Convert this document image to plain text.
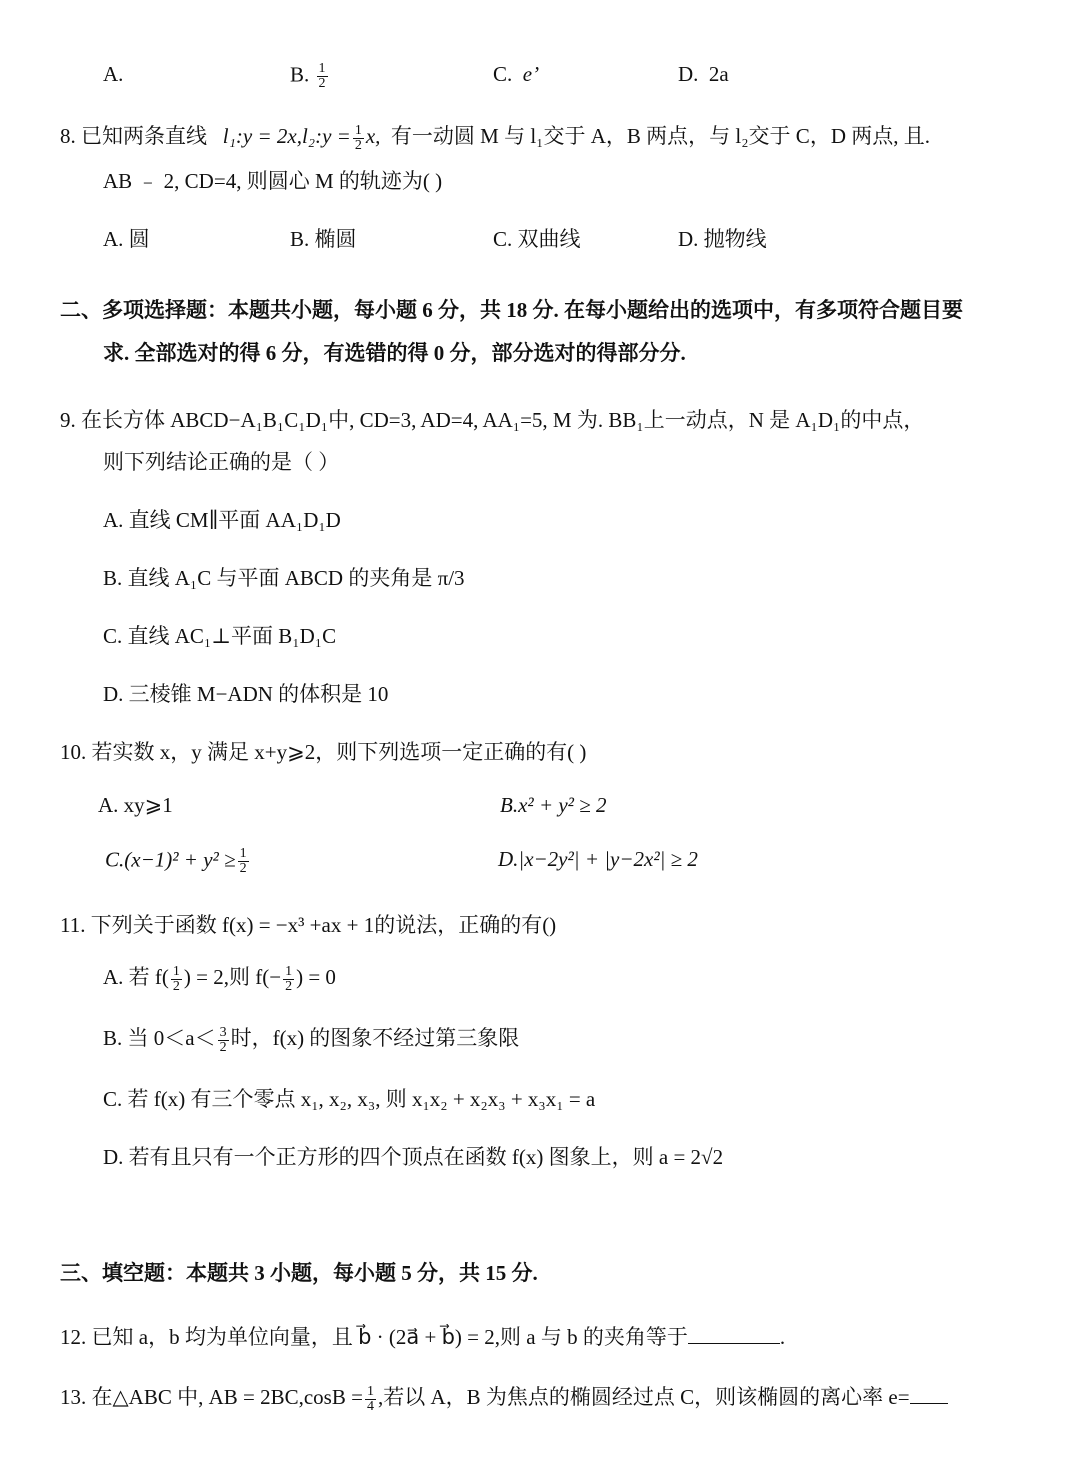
A.	B. $\frac{1}{2}$	C. e’	D. 2a
8. 已知两条直线 l₁:y = 2x,l₂:y = $\frac{1}{2} x$, 有一动圆 M 与 l₁交于 A，B 两点，与 l₂交于 C，D 两点, 且.
AB ﹣ 2, CD=4, 则圆心 M 的轨迹为( )
A. 圆	B. 椭圆	C. 双曲线	D. 抛物线
二、多项选择题：本题共小题，每小题 6 分，共 18 分. 在每小题给出的选项中，有多项符合题目要
求. 全部选对的得 6 分，有选错的得 0 分，部分选对的得部分分.
9. 在长方体 ABCD−A₁B₁C₁D₁中, CD=3, AD=4, AA₁=5, M 为. BB₁上一动点，N 是 A₁D₁的中点，
则下列结论正确的是（ ）
A. 直线 CM∥平面 AA₁D₁D
B. 直线 A₁C 与平面 ABCD 的夹角是 π/3
C. 直线 AC₁⊥平面 B₁D₁C
D. 三棱锥 M−ADN 的体积是 10
10. 若实数 x，y 满足 x+y⩾2，则下列选项一定正确的有( )
A. xy⩾1	B.x² + y² ≥ 2
$C.(x-1)^2 + y^2 \ge \frac{1}{2}$	D.|x−2y²| + |y−2x²| ≥ 2
11. 下列关于函数 f(x) = −x³ +ax + 1的说法，正确的有()
A. 若 $f( \frac{1}{2}$ ) = 2,则 $f(- \frac{1}{2}$ ) = 0
B. 当 $0<a< \frac{3}{2}$ 时，f(x) 的图象不经过第三象限
C. 若 f(x) 有三个零点 x₁, x₂, x₃, 则 x₁x₂ + x₂x₃ + x₃x₁ = a
D. 若有且只有一个正方形的四个顶点在函数 f(x) 图象上，则 a = 2√2
三、填空题：本题共 3 小题，每小题 5 分，共 15 分.
12. 已知 a，b 均为单位向量，且 b⃗ · (2a⃗ + b⃗) = 2,则 a 与 b 的夹角等于	.
13. 在△ABC 中, AB = $2BC,\cos B = \frac{1}{4}$ ,若以 A，B 为焦点的椭圆经过点 C，则该椭圆的离心率 e=
